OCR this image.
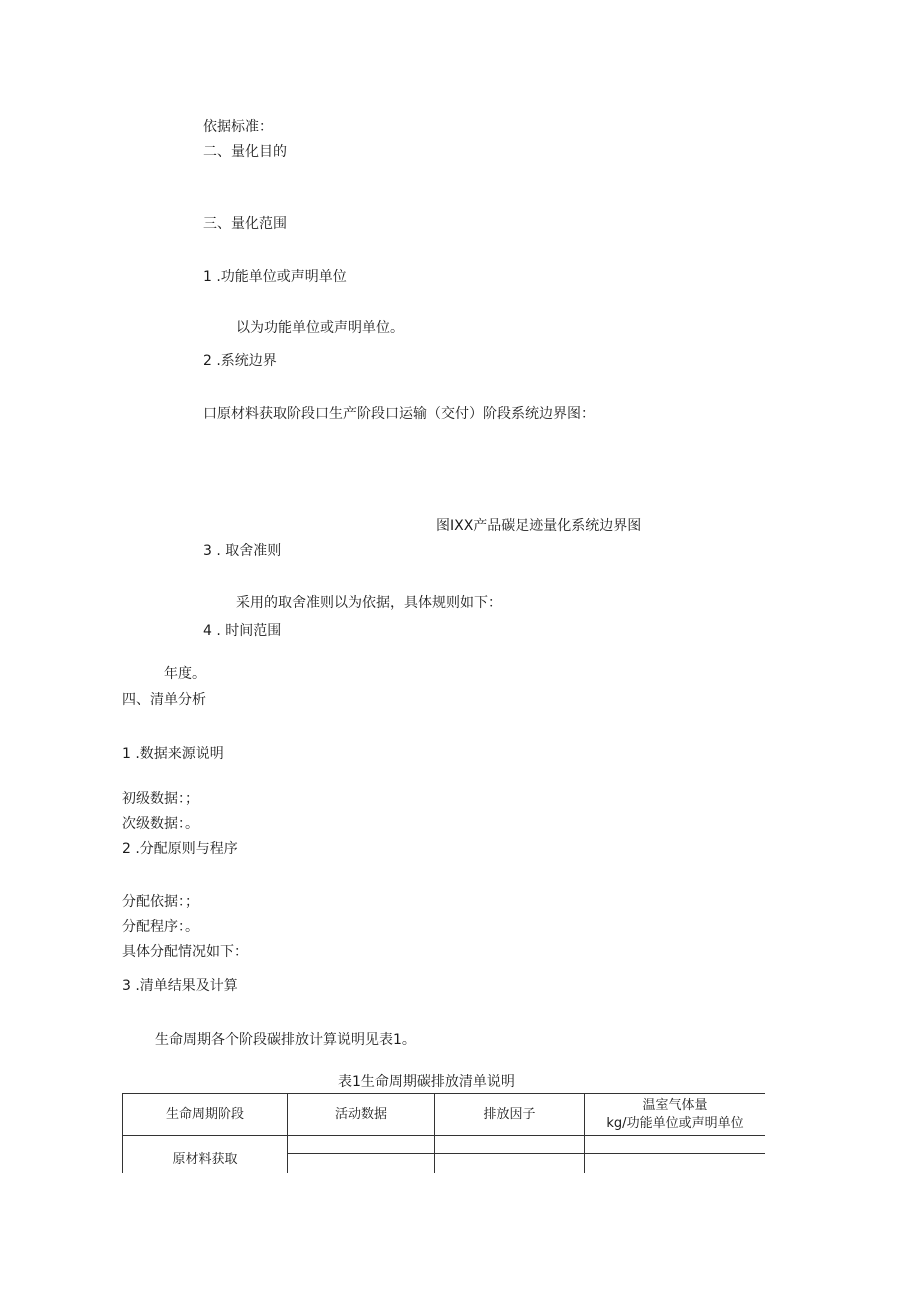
依据标准：
二、量化目的
三、量化范围
1 .功能单位或声明单位
以为功能单位或声明单位。
2 .系统边界
口原材料获取阶段口生产阶段口运输（交付）阶段系统边界图：
图IXX产品碳足迹量化系统边界图
3 . 取舍准则
采用的取舍准则以为依据，具体规则如下：
4 . 时间范围
年度。
四、清单分析
1 .数据来源说明
初级数据：；
次级数据：。
2 .分配原则与程序
分配依据：；
分配程序：。
具体分配情况如下：
3 .清单结果及计算
生命周期各个阶段碳排放计算说明见表1。
表1生命周期碳排放清单说明
生命周期阶段	活动数据	排放因子	温室气体量
kg/功能单位或声明单位

原材料获取			
